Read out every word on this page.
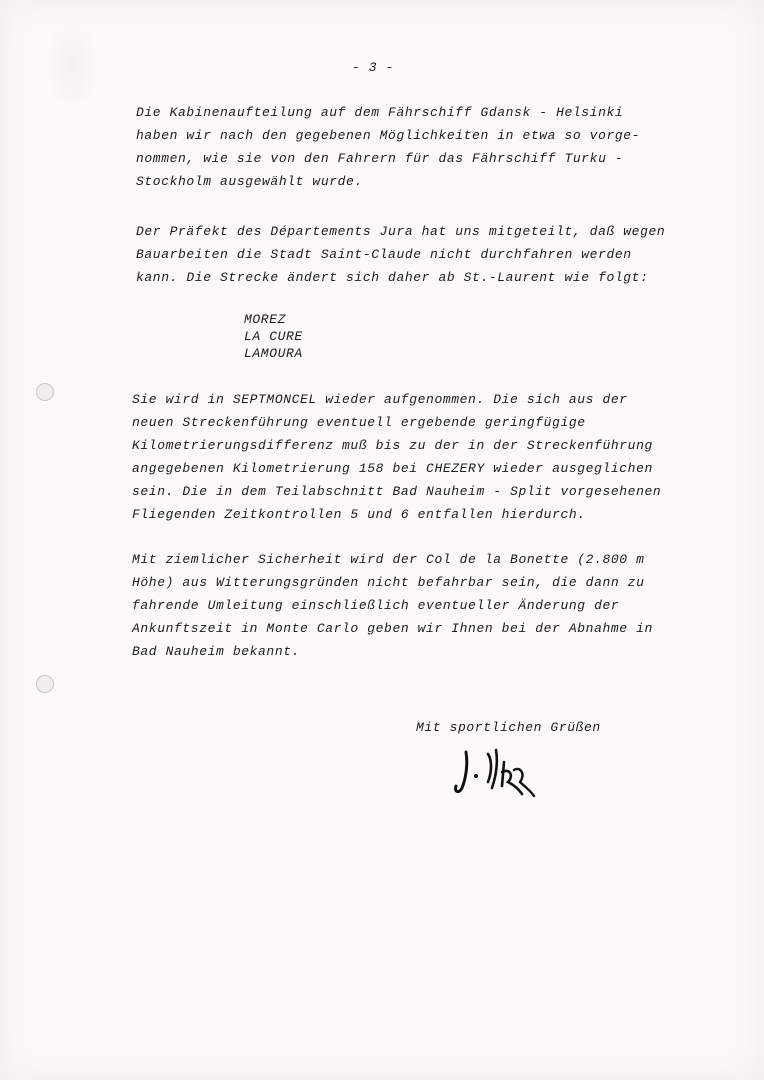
- 3 -
Die Kabinenaufteilung auf dem Fährschiff Gdansk - Helsinki
haben wir nach den gegebenen Möglichkeiten in etwa so vorge-
nommen, wie sie von den Fahrern für das Fährschiff Turku -
Stockholm ausgewählt wurde.
Der Präfekt des Départements Jura hat uns mitgeteilt, daß wegen
Bauarbeiten die Stadt Saint-Claude nicht durchfahren werden
kann. Die Strecke ändert sich daher ab St.-Laurent wie folgt:
MOREZ
LA CURE
LAMOURA
Sie wird in SEPTMONCEL wieder aufgenommen. Die sich aus der
neuen Streckenführung eventuell ergebende geringfügige
Kilometrierungsdifferenz muß bis zu der in der Streckenführung
angegebenen Kilometrierung 158 bei CHEZERY wieder ausgeglichen
sein. Die in dem Teilabschnitt Bad Nauheim - Split vorgesehenen
Fliegenden Zeitkontrollen 5 und 6 entfallen hierdurch.
Mit ziemlicher Sicherheit wird der Col de la Bonette (2.800 m
Höhe) aus Witterungsgründen nicht befahrbar sein, die dann zu
fahrende Umleitung einschließlich eventueller Änderung der
Ankunftszeit in Monte Carlo geben wir Ihnen bei der Abnahme in
Bad Nauheim bekannt.
Mit sportlichen Grüßen
